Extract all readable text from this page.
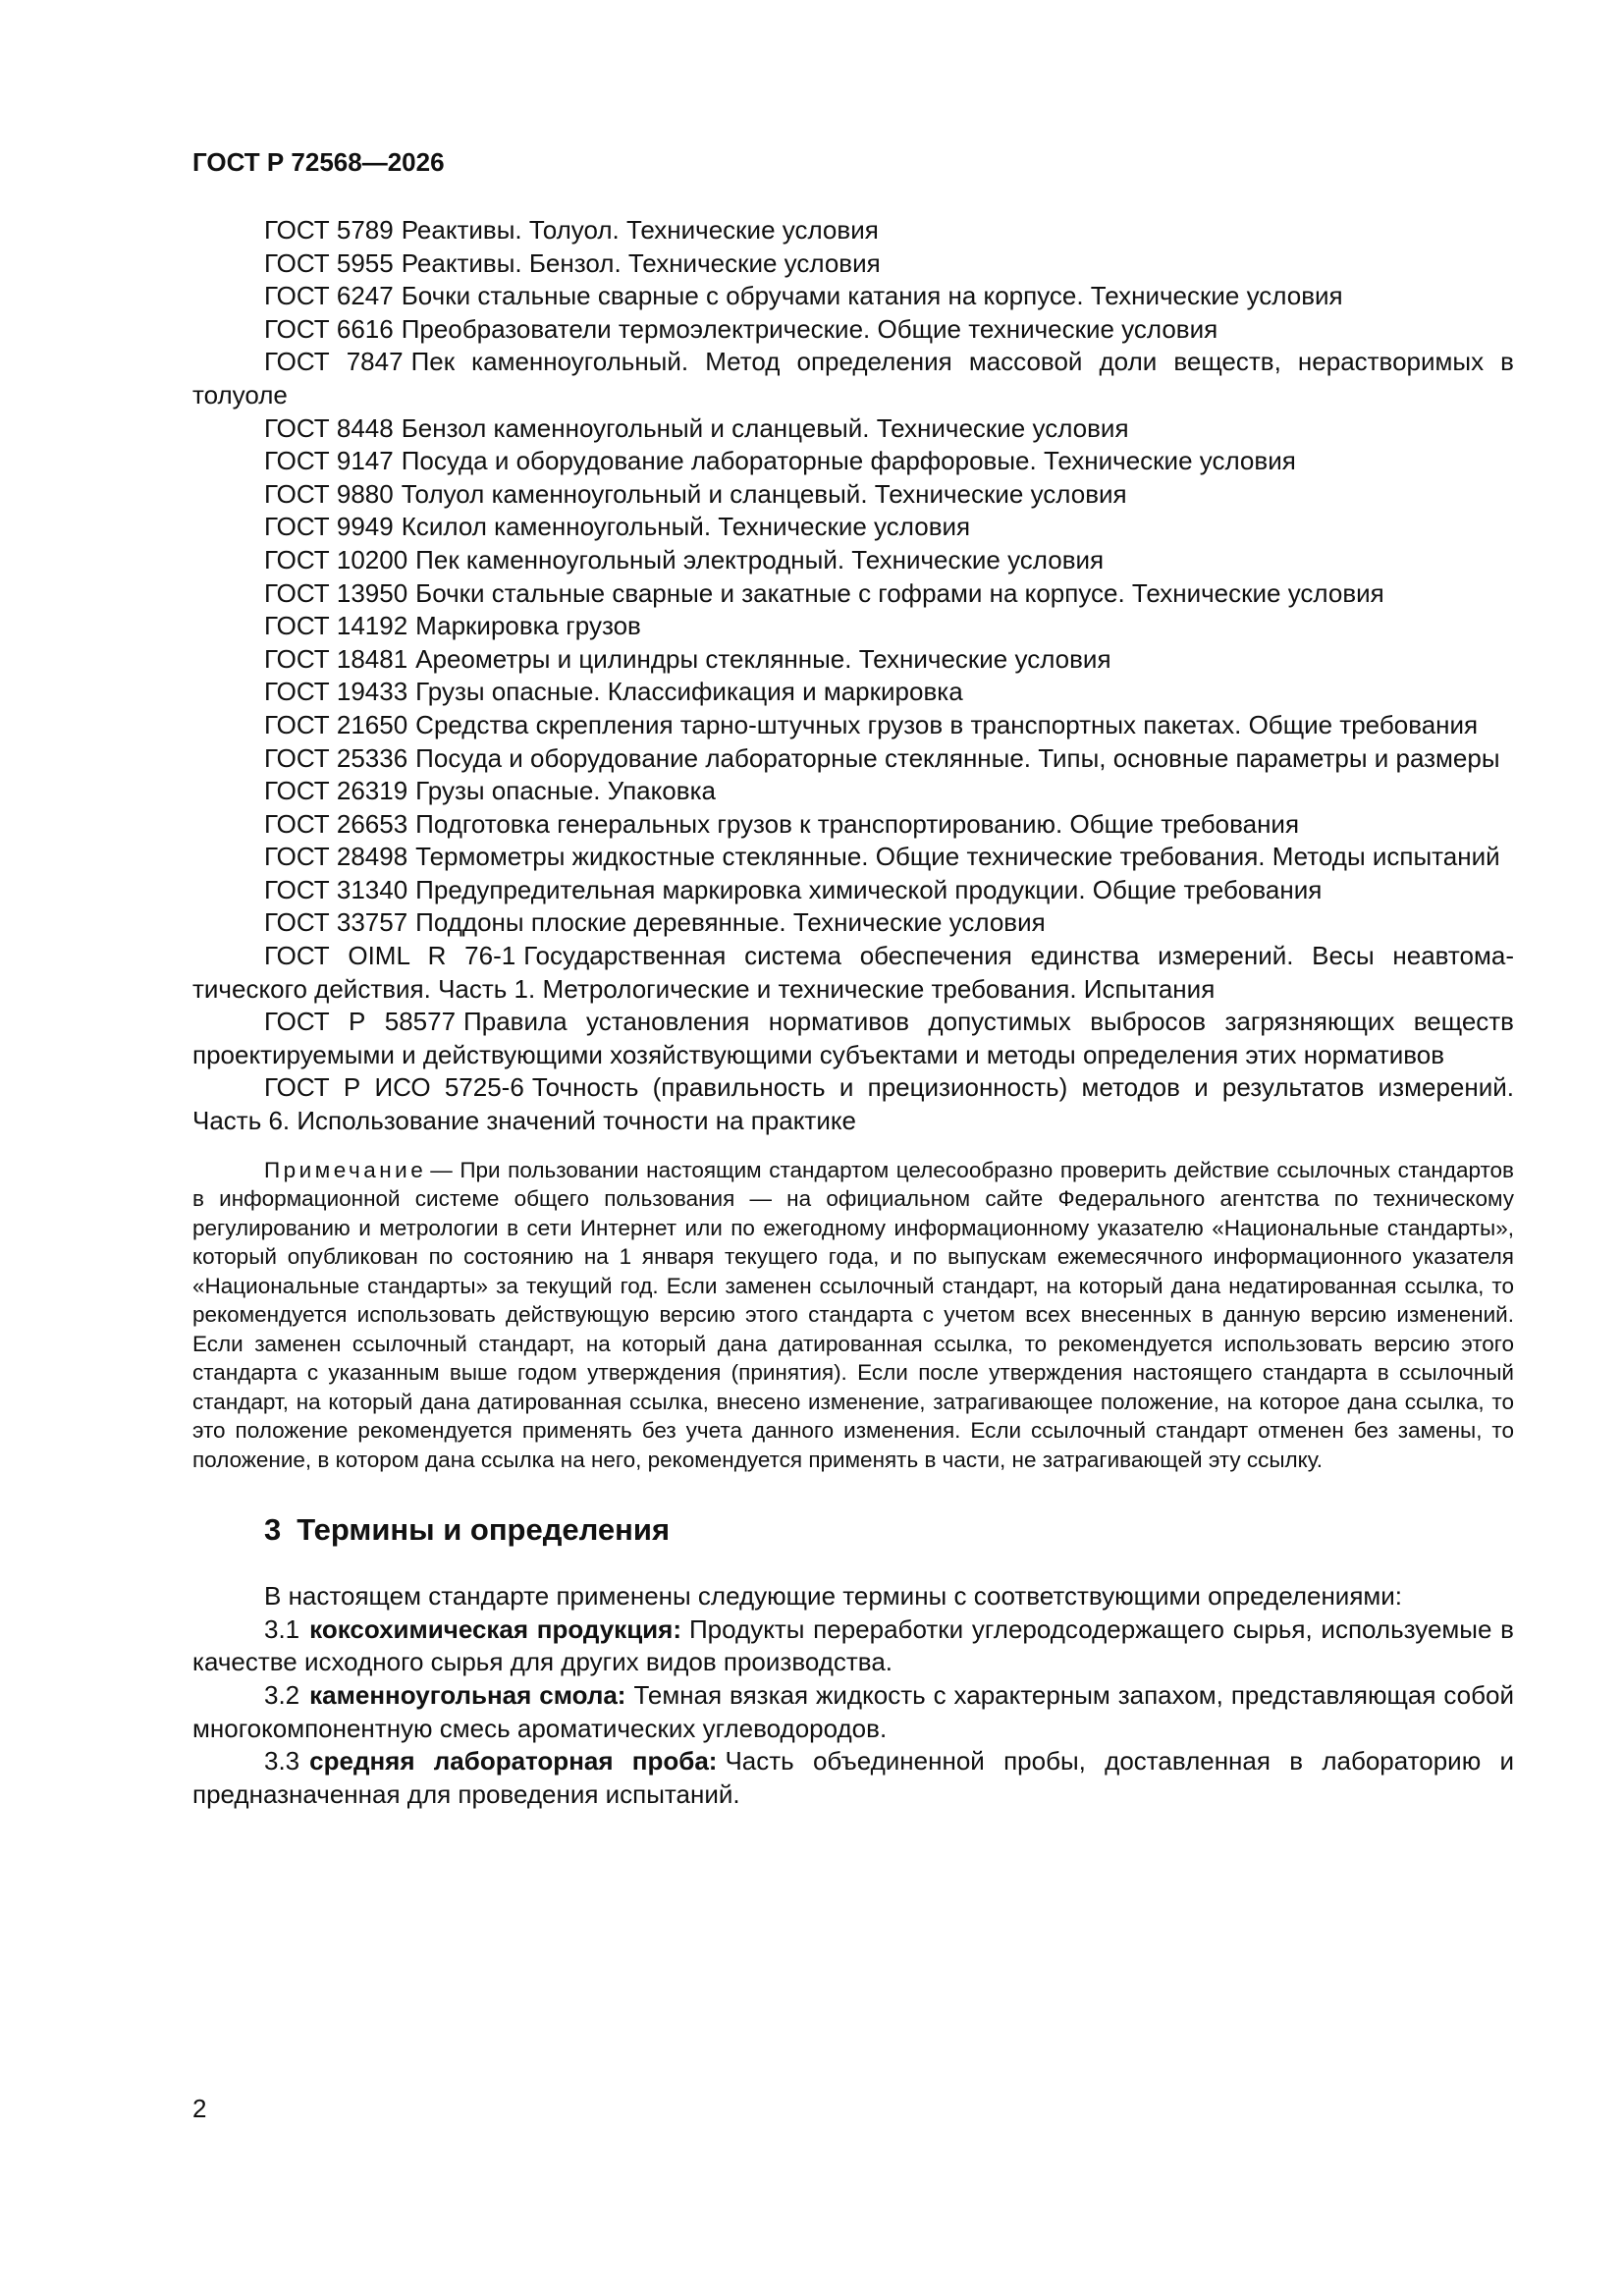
ГОСТ Р 72568—2026

ГОСТ 5789 Реактивы. Толуол. Технические условия

ГОСТ 5955 Реактивы. Бензол. Технические условия

ГОСТ 6247 Бочки стальные сварные с обручами катания на корпусе. Технические условия

ГОСТ 6616 Преобразователи термоэлектрические. Общие технические условия

ГОСТ 7847 Пек каменноугольный. Метод определения массовой доли веществ, нерастворимых в толуоле

ГОСТ 8448 Бензол каменноугольный и сланцевый. Технические условия

ГОСТ 9147 Посуда и оборудование лабораторные фарфоровые. Технические условия

ГОСТ 9880 Толуол каменноугольный и сланцевый. Технические условия

ГОСТ 9949 Ксилол каменноугольный. Технические условия

ГОСТ 10200 Пек каменноугольный электродный. Технические условия

ГОСТ 13950 Бочки стальные сварные и закатные с гофрами на корпусе. Технические условия

ГОСТ 14192 Маркировка грузов

ГОСТ 18481 Ареометры и цилиндры стеклянные. Технические условия

ГОСТ 19433 Грузы опасные. Классификация и маркировка

ГОСТ 21650 Средства скрепления тарно-штучных грузов в транспортных пакетах. Общие требования

ГОСТ 25336 Посуда и оборудование лабораторные стеклянные. Типы, основные параметры и размеры

ГОСТ 26319 Грузы опасные. Упаковка

ГОСТ 26653 Подготовка генеральных грузов к транспортированию. Общие требования

ГОСТ 28498 Термометры жидкостные стеклянные. Общие технические требования. Методы испытаний

ГОСТ 31340 Предупредительная маркировка химической продукции. Общие требования

ГОСТ 33757 Поддоны плоские деревянные. Технические условия

ГОСТ OIML R 76-1 Государственная система обеспечения единства измерений. Весы неавтоматического действия. Часть 1. Метрологические и технические требования. Испытания

ГОСТ Р 58577 Правила установления нормативов допустимых выбросов загрязняющих веществ проектируемыми и действующими хозяйствующими субъектами и методы определения этих нормативов

ГОСТ Р ИСО 5725-6 Точность (правильность и прецизионность) методов и результатов измерений. Часть 6. Использование значений точности на практике

Примечание — При пользовании настоящим стандартом целесообразно проверить действие ссылочных стандартов в информационной системе общего пользования — на официальном сайте Федерального агентства по техническому регулированию и метрологии в сети Интернет или по ежегодному информационному указателю «Национальные стандарты», который опубликован по состоянию на 1 января текущего года, и по выпускам ежемесячного информационного указателя «Национальные стандарты» за текущий год. Если заменен ссылочный стандарт, на который дана недатированная ссылка, то рекомендуется использовать действующую версию этого стандарта с учетом всех внесенных в данную версию изменений. Если заменен ссылочный стандарт, на который дана датированная ссылка, то рекомендуется использовать версию этого стандарта с указанным выше годом утверждения (принятия). Если после утверждения настоящего стандарта в ссылочный стандарт, на который дана датированная ссылка, внесено изменение, затрагивающее положение, на которое дана ссылка, то это положение рекомендуется применять без учета данного изменения. Если ссылочный стандарт отменен без замены, то положение, в котором дана ссылка на него, рекомендуется применять в части, не затрагивающей эту ссылку.
3 Термины и определения

В настоящем стандарте применены следующие термины с соответствующими определениями:

3.1 коксохимическая продукция: Продукты переработки углеродсодержащего сырья, используемые в качестве исходного сырья для других видов производства.

3.2 каменноугольная смола: Темная вязкая жидкость с характерным запахом, представляющая собой многокомпонентную смесь ароматических углеводородов.

3.3 средняя лабораторная проба: Часть объединенной пробы, доставленная в лабораторию и предназначенная для проведения испытаний.

2
